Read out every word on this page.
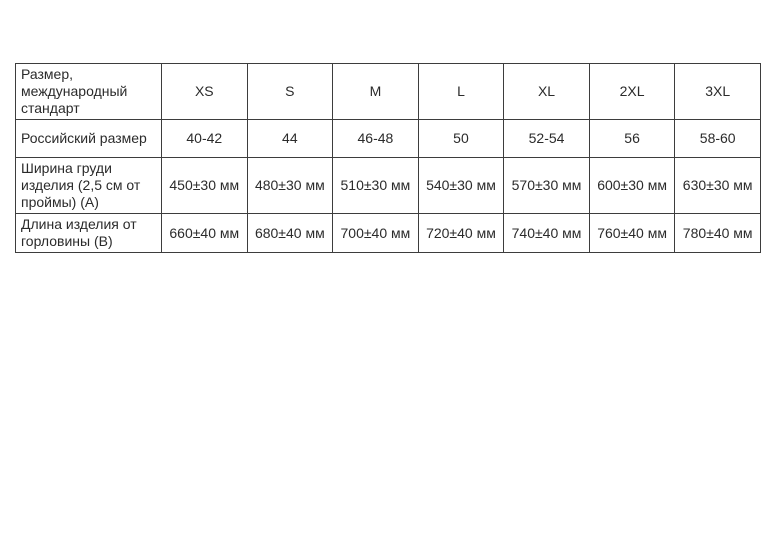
Размер, международный стандарт	XS	S	M	L	XL	2XL	3XL
Российский размер	40-42	44	46-48	50	52-54	56	58-60
Ширина груди изделия (2,5 см от проймы) (А)	450±30 мм	480±30 мм	510±30 мм	540±30 мм	570±30 мм	600±30 мм	630±30 мм
Длина изделия от горловины (В)	660±40 мм	680±40 мм	700±40 мм	720±40 мм	740±40 мм	760±40 мм	780±40 мм
